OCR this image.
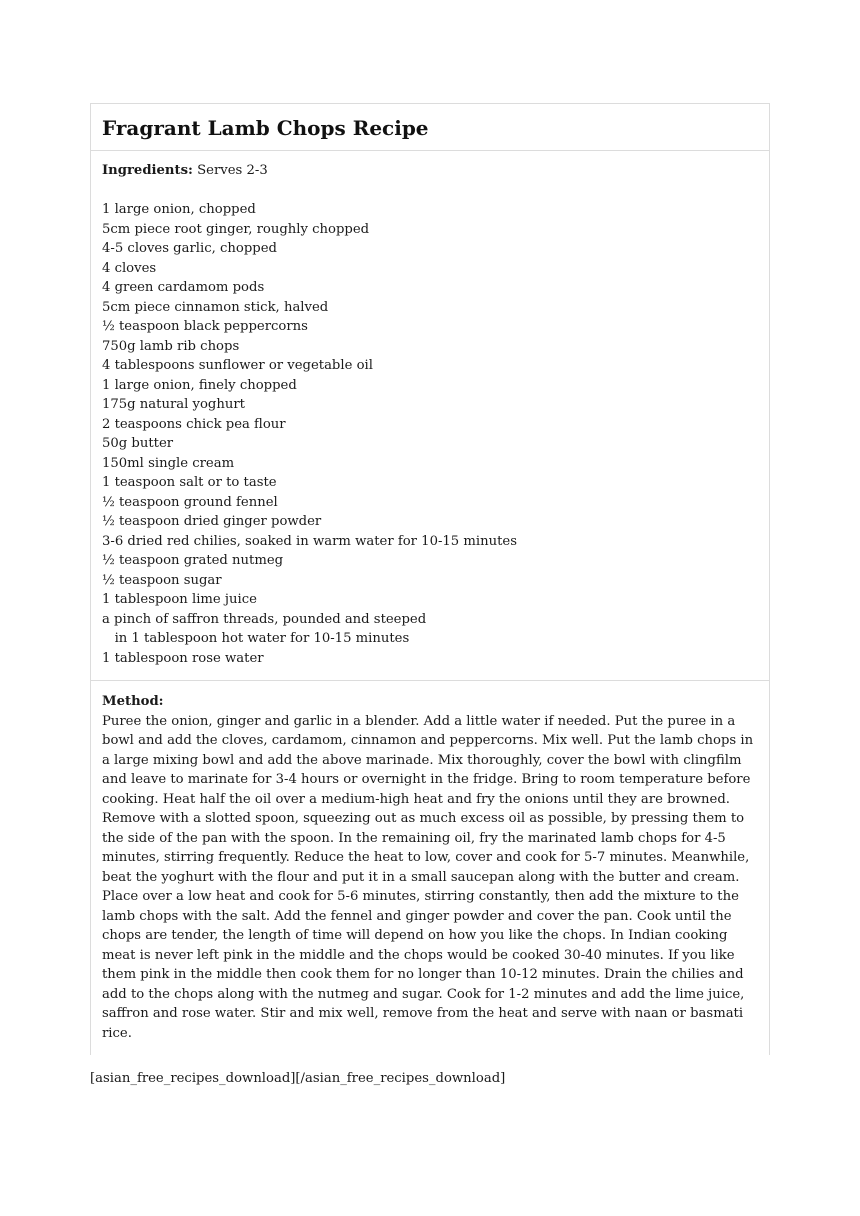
Fragrant Lamb Chops Recipe

Ingredients: Serves 2-3

1 large onion, chopped
5cm piece root ginger, roughly chopped
4-5 cloves garlic, chopped
4 cloves
4 green cardamom pods
5cm piece cinnamon stick, halved
½ teaspoon black peppercorns
750g lamb rib chops
4 tablespoons sunflower or vegetable oil
1 large onion, finely chopped
175g natural yoghurt
2 teaspoons chick pea flour
50g butter
150ml single cream
1 teaspoon salt or to taste
½ teaspoon ground fennel
½ teaspoon dried ginger powder
3-6 dried red chilies, soaked in warm water for 10-15 minutes
½ teaspoon grated nutmeg
½ teaspoon sugar
1 tablespoon lime juice
a pinch of saffron threads, pounded and steeped
in 1 tablespoon hot water for 10-15 minutes
1 tablespoon rose water

Method:

Puree the onion, ginger and garlic in a blender. Add a little water if needed. Put the puree in a bowl and add the cloves, cardamom, cinnamon and peppercorns. Mix well. Put the lamb chops in a large mixing bowl and add the above marinade. Mix thoroughly, cover the bowl with clingfilm and leave to marinate for 3-4 hours or overnight in the fridge. Bring to room temperature before cooking. Heat half the oil over a medium-high heat and fry the onions until they are browned. Remove with a slotted spoon, squeezing out as much excess oil as possible, by pressing them to the side of the pan with the spoon. In the remaining oil, fry the marinated lamb chops for 4-5 minutes, stirring frequently. Reduce the heat to low, cover and cook for 5-7 minutes. Meanwhile, beat the yoghurt with the flour and put it in a small saucepan along with the butter and cream. Place over a low heat and cook for 5-6 minutes, stirring constantly, then add the mixture to the lamb chops with the salt. Add the fennel and ginger powder and cover the pan. Cook until the chops are tender, the length of time will depend on how you like the chops. In Indian cooking meat is never left pink in the middle and the chops would be cooked 30-40 minutes. If you like them pink in the middle then cook them for no longer than 10-12 minutes. Drain the chilies and add to the chops along with the nutmeg and sugar. Cook for 1-2 minutes and add the lime juice, saffron and rose water. Stir and mix well, remove from the heat and serve with naan or basmati rice.

[asian_free_recipes_download][/asian_free_recipes_download]
